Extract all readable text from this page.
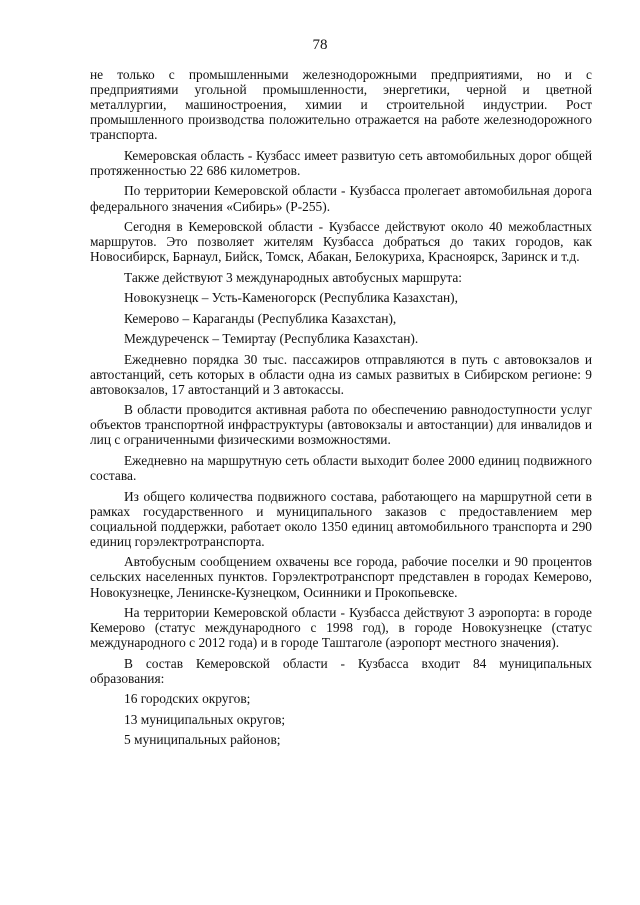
78

не только с промышленными железнодорожными предприятиями, но и с предприятиями угольной промышленности, энергетики, черной и цветной металлургии, машиностроения, химии и строительной индустрии. Рост промышленного производства положительно отражается на работе железнодорожного транспорта.

Кемеровская область - Кузбасс имеет развитую сеть автомобильных дорог общей протяженностью 22 686 километров.

По территории Кемеровской области - Кузбасса пролегает автомобильная дорога федерального значения «Сибирь» (Р-255).

Сегодня в Кемеровской области - Кузбассе действуют около 40 межобластных маршрутов. Это позволяет жителям Кузбасса добраться до таких городов, как Новосибирск, Барнаул, Бийск, Томск, Абакан, Белокуриха, Красноярск, Заринск и т.д.

Также действуют 3 международных автобусных маршрута:

Новокузнецк – Усть-Каменогорск (Республика Казахстан),

Кемерово – Караганды (Республика Казахстан),

Междуреченск – Темиртау (Республика Казахстан).

Ежедневно порядка 30 тыс. пассажиров отправляются в путь с автовокзалов и автостанций, сеть которых в области одна из самых развитых в Сибирском регионе: 9 автовокзалов, 17 автостанций и 3 автокассы.

В области проводится активная работа по обеспечению равнодоступности услуг объектов транспортной инфраструктуры (автовокзалы и автостанции) для инвалидов и лиц с ограниченными физическими возможностями.

Ежедневно на маршрутную сеть области выходит более 2000 единиц подвижного состава.

Из общего количества подвижного состава, работающего на маршрутной сети в рамках государственного и муниципального заказов с предоставлением мер социальной поддержки, работает около 1350 единиц автомобильного транспорта и 290 единиц горэлектротранспорта.

Автобусным сообщением охвачены все города, рабочие поселки и 90 процентов сельских населенных пунктов. Горэлектротранспорт представлен в городах Кемерово, Новокузнецке, Ленинске-Кузнецком, Осинники и Прокопьевске.

На территории Кемеровской области - Кузбасса действуют 3 аэропорта: в городе Кемерово (статус международного с 1998 год), в городе Новокузнецке (статус международного с 2012 года) и в городе Таштаголе (аэропорт местного значения).

В состав Кемеровской области - Кузбасса входит 84 муниципальных образования:

16 городских округов;

13 муниципальных округов;

5 муниципальных районов;
